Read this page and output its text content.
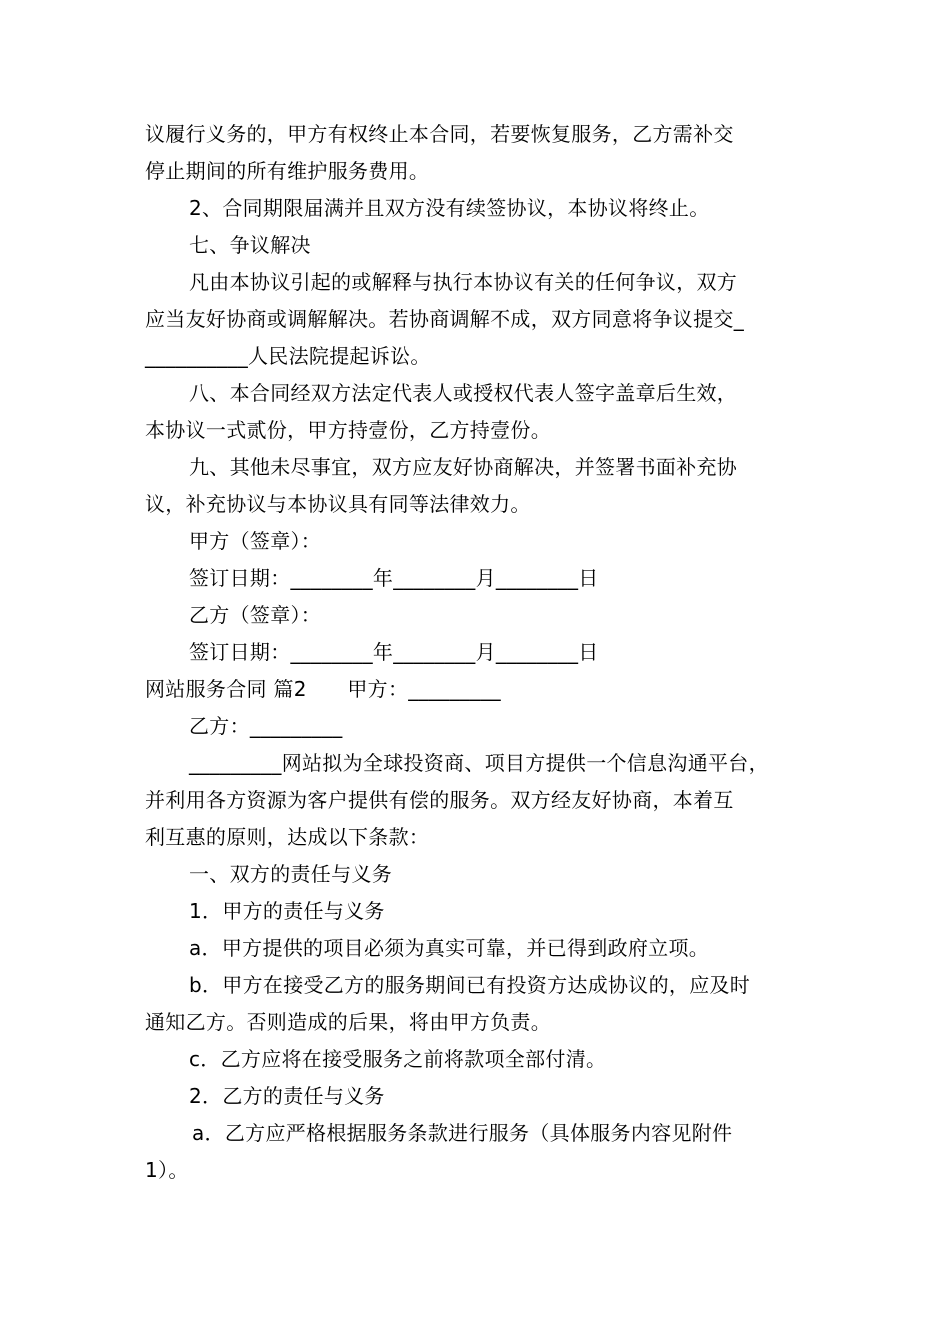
议履行义务的，甲方有权终止本合同，若要恢复服务，乙方需补交
停止期间的所有维护服务费用。
2、合同期限届满并且双方没有续签协议，本协议将终止。
七、争议解决
凡由本协议引起的或解释与执行本协议有关的任何争议，双方
应当友好协商或调解解决。若协商调解不成，双方同意将争议提交_
__________人民法院提起诉讼。
八、本合同经双方法定代表人或授权代表人签字盖章后生效，
本协议一式贰份，甲方持壹份，乙方持壹份。
九、其他未尽事宜，双方应友好协商解决，并签署书面补充协
议，补充协议与本协议具有同等法律效力。
甲方（签章）：
签订日期：________年________月________日
乙方（签章）：
签订日期：________年________月________日
网站服务合同 篇2　　甲方：_________
乙方：_________
_________网站拟为全球投资商、项目方提供一个信息沟通平台，
并利用各方资源为客户提供有偿的服务。双方经友好协商，本着互
利互惠的原则，达成以下条款：
一、双方的责任与义务
1．甲方的责任与义务
a．甲方提供的项目必须为真实可靠，并已得到政府立项。
b．甲方在接受乙方的服务期间已有投资方达成协议的，应及时
通知乙方。否则造成的后果，将由甲方负责。
c．乙方应将在接受服务之前将款项全部付清。
2．乙方的责任与义务
a．乙方应严格根据服务条款进行服务（具体服务内容见附件
1）。
